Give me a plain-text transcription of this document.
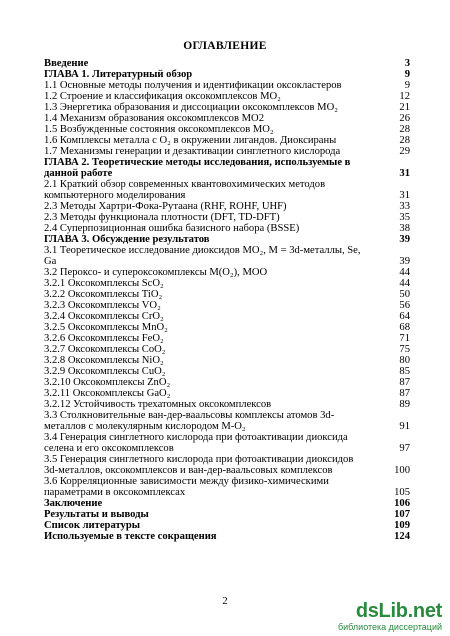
ОГЛАВЛЕНИЕ
Введение	3
ГЛАВА 1. Литературный обзор	9
1.1 Основные методы получения и идентификации оксокластеров	9
1.2 Строение и классификация оксокомплексов MO₂	12
1.3 Энергетика образования и диссоциации оксокомплексов MO₂	21
1.4 Механизм образования оксокомплексов MO2	26
1.5 Возбужденные состояния оксокомплексов MO₂	28
1.6 Комплексы металла с O₂ в окружении лигандов. Диоксираны	28
1.7 Механизмы генерации и дезактивации синглетного кислорода	29
ГЛАВА 2. Теоретические методы исследования, используемые в данной работе	31
2.1 Краткий обзор современных квантовохимических методов компьютерного моделирования	31
2.3 Методы Хартри-Фока-Рутаана (RHF, ROHF, UHF)	33
2.3 Методы функционала плотности (DFT, TD-DFT)	35
2.4 Суперпозиционная ошибка базисного набора (BSSE)	38
ГЛАВА 3. Обсуждение результатов	39
3.1 Теоретическое исследование диоксидов MO₂, M = 3d-металлы, Se, Ga	39
3.2 Пероксо- и супероксокомплексы M(O₂), MOO	44
3.2.1 Оксокомплексы ScO₂	44
3.2.2 Оксокомплексы TiO₂	50
3.2.3 Оксокомплексы VO₂	56
3.2.4 Оксокомплексы CrO₂	64
3.2.5 Оксокомплексы MnO₂	68
3.2.6 Оксокомплексы FeO₂	71
3.2.7 Оксокомплексы CoO₂	75
3.2.8 Оксокомплексы NiO₂	80
3.2.9 Оксокомплексы CuO₂	85
3.2.10 Оксокомплексы ZnO₂	87
3.2.11 Оксокомплексы GaO₂	87
3.2.12 Устойчивость трехатомных оксокомплексов	89
3.3 Столкновительные ван-дер-ваальсовы комплексы атомов 3d-металлов с молекулярным кислородом M-O₂	91
3.4 Генерация синглетного кислорода при фотоактивации диоксида селена и его оксокомплексов	97
3.5 Генерация синглетного кислорода при фотоактивации диоксидов 3d-металлов, оксокомплексов и ван-дер-ваальсовых комплексов	100
3.6 Корреляционные зависимости между физико-химическими параметрами в оксокомплексах	105
Заключение	106
Результаты и выводы	107
Список литературы	109
Используемые в тексте сокращения	124
2	dsLib.net
библиотека диссертаций
